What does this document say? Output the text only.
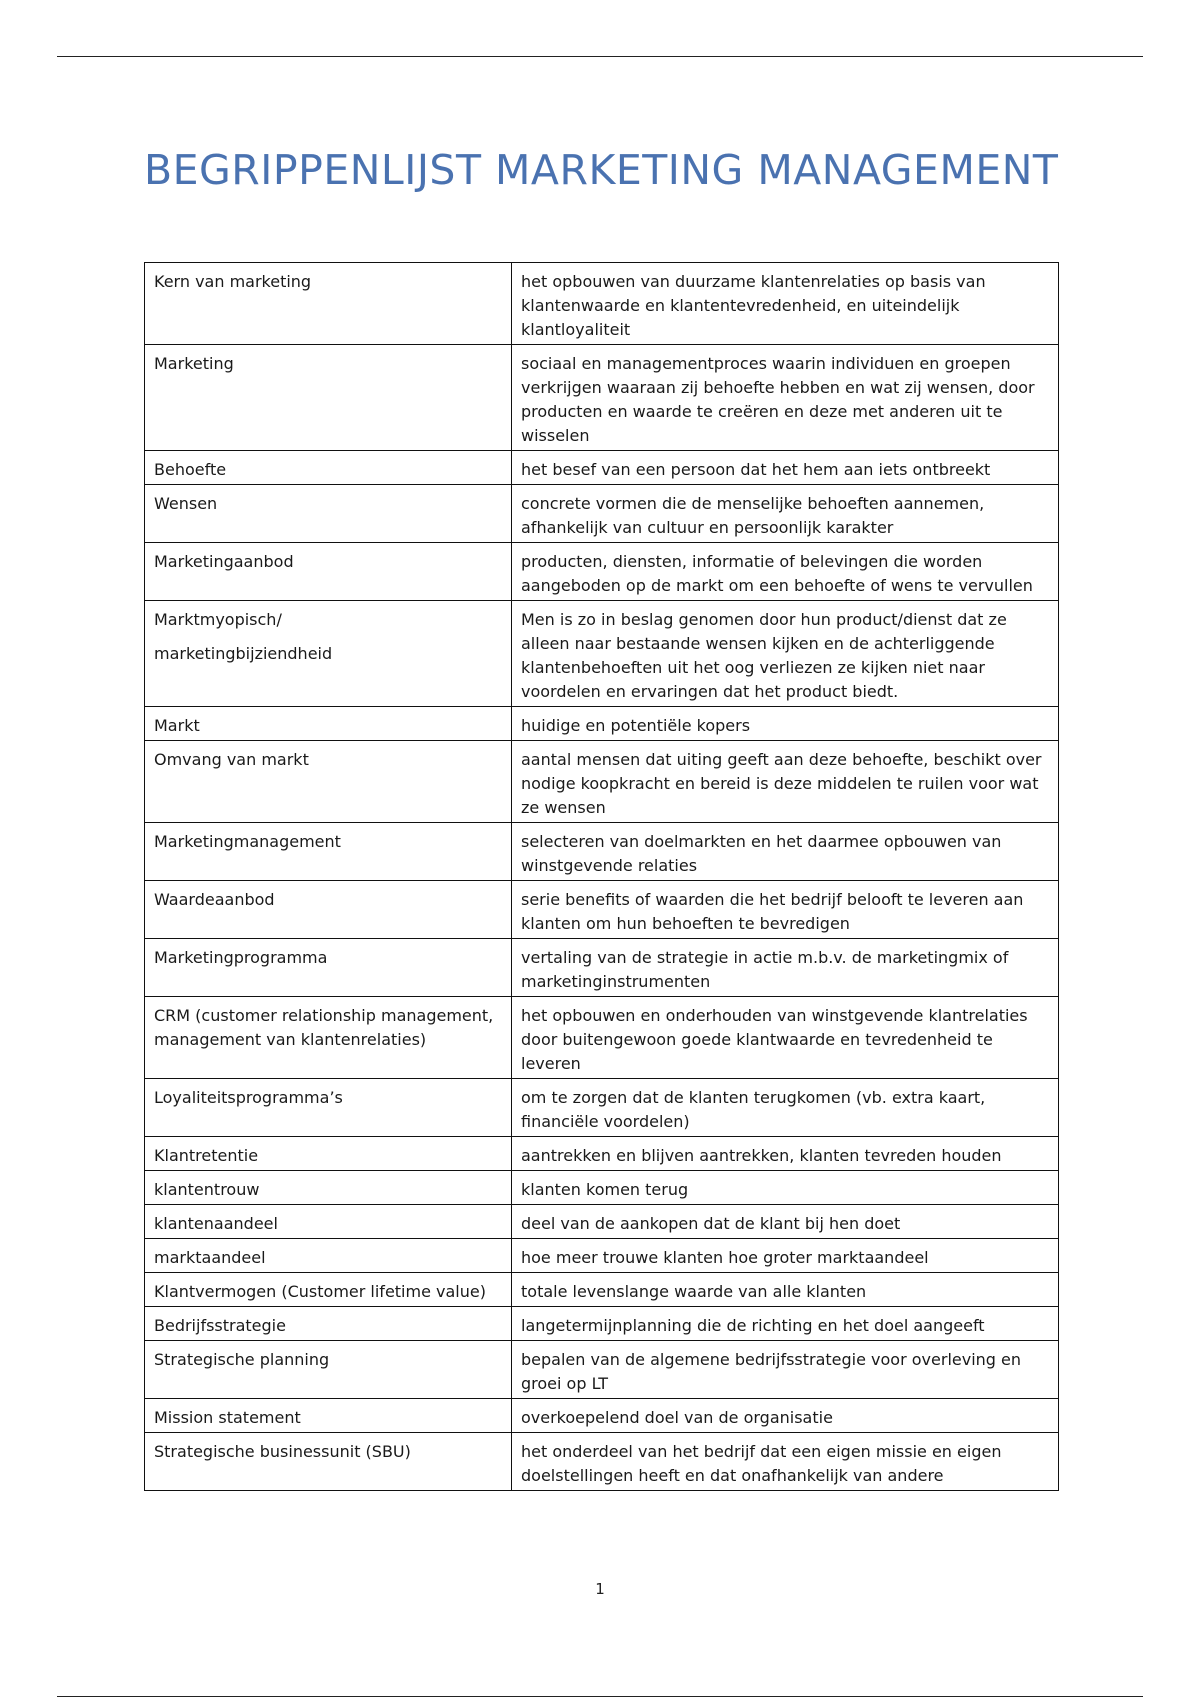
BEGRIPPENLIJST MARKETING MANAGEMENT
Kern van marketing	het opbouwen van duurzame klantenrelaties op basis van klantenwaarde en klantentevredenheid, en uiteindelijk klantloyaliteit

Marketing	sociaal en managementproces waarin individuen en groepen verkrijgen waaraan zij behoefte hebben en wat zij wensen, door producten en waarde te creëren en deze met anderen uit te wisselen

Behoefte	het besef van een persoon dat het hem aan iets ontbreekt

Wensen	concrete vormen die de menselijke behoeften aannemen, afhankelijk van cultuur en persoonlijk karakter

Marketingaanbod	producten, diensten, informatie of belevingen die worden aangeboden op de markt om een behoefte of wens te vervullen

Marktmyopisch/
marketingbijziendheid	Men is zo in beslag genomen door hun product/dienst dat ze alleen naar bestaande wensen kijken en de achterliggende klantenbehoeften uit het oog verliezen ze kijken niet naar voordelen en ervaringen dat het product biedt.

Markt	huidige en potentiële kopers

Omvang van markt	aantal mensen dat uiting geeft aan deze behoefte, beschikt over nodige koopkracht en bereid is deze middelen te ruilen voor wat ze wensen

Marketingmanagement	selecteren van doelmarkten en het daarmee opbouwen van winstgevende relaties

Waardeaanbod	serie benefits of waarden die het bedrijf belooft te leveren aan klanten om hun behoeften te bevredigen

Marketingprogramma	vertaling van de strategie in actie m.b.v. de marketingmix of marketinginstrumenten

CRM (customer relationship management, management van klantenrelaties)	het opbouwen en onderhouden van winstgevende klantrelaties door buitengewoon goede klantwaarde en tevredenheid te leveren

Loyaliteitsprogramma’s	om te zorgen dat de klanten terugkomen (vb. extra kaart, financiële voordelen)

Klantretentie	aantrekken en blijven aantrekken, klanten tevreden houden

klantentrouw	klanten komen terug

klantenaandeel	deel van de aankopen dat de klant bij hen doet

marktaandeel	hoe meer trouwe klanten hoe groter marktaandeel

Klantvermogen (Customer lifetime value)	totale levenslange waarde van alle klanten

Bedrijfsstrategie	langetermijnplanning die de richting en het doel aangeeft

Strategische planning	bepalen van de algemene bedrijfsstrategie voor overleving en groei op LT

Mission statement	overkoepelend doel van de organisatie

Strategische businessunit (SBU)	het onderdeel van het bedrijf dat een eigen missie en eigen doelstellingen heeft en dat onafhankelijk van andere
1
